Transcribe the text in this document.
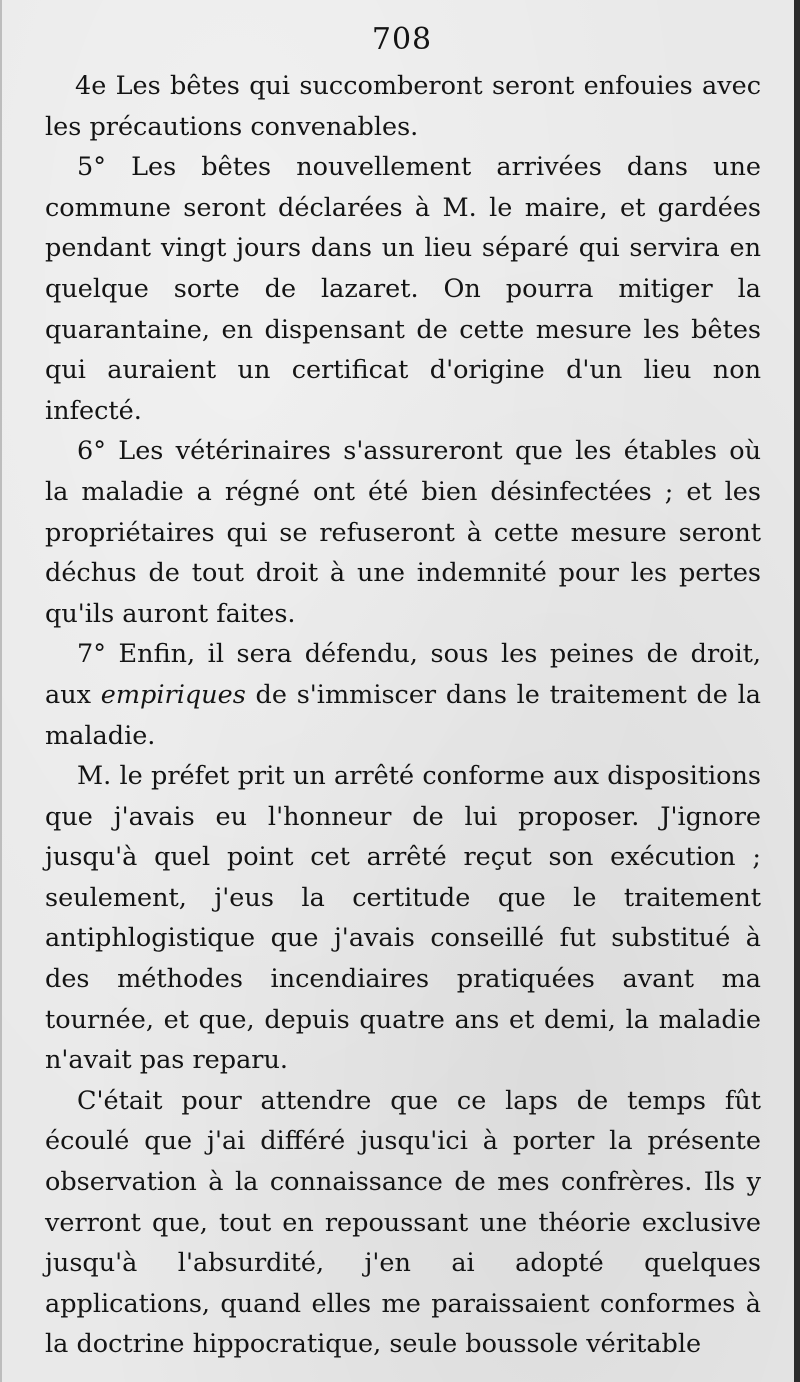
708

4e Les bêtes qui succomberont seront enfouies avec les précautions convenables.

5° Les bêtes nouvellement arrivées dans une commune seront déclarées à M. le maire, et gardées pendant vingt jours dans un lieu séparé qui servira en quelque sorte de lazaret. On pourra mitiger la quarantaine, en dispensant de cette mesure les bêtes qui auraient un certificat d'origine d'un lieu non infecté.

6° Les vétérinaires s'assureront que les étables où la maladie a régné ont été bien désinfectées ; et les propriétaires qui se refuseront à cette mesure seront déchus de tout droit à une indemnité pour les pertes qu'ils auront faites.

7° Enfin, il sera défendu, sous les peines de droit, aux empiriques de s'immiscer dans le traitement de la maladie.

M. le préfet prit un arrêté conforme aux dispositions que j'avais eu l'honneur de lui proposer. J'ignore jusqu'à quel point cet arrêté reçut son exécution ; seulement, j'eus la certitude que le traitement antiphlogistique que j'avais conseillé fut substitué à des méthodes incendiaires pratiquées avant ma tournée, et que, depuis quatre ans et demi, la maladie n'avait pas reparu.

C'était pour attendre que ce laps de temps fût écoulé que j'ai différé jusqu'ici à porter la présente observation à la connaissance de mes confrères. Ils y verront que, tout en repoussant une théorie exclusive jusqu'à l'absurdité, j'en ai adopté quelques applications, quand elles me paraissaient conformes à la doctrine hippocratique, seule boussole véritable
